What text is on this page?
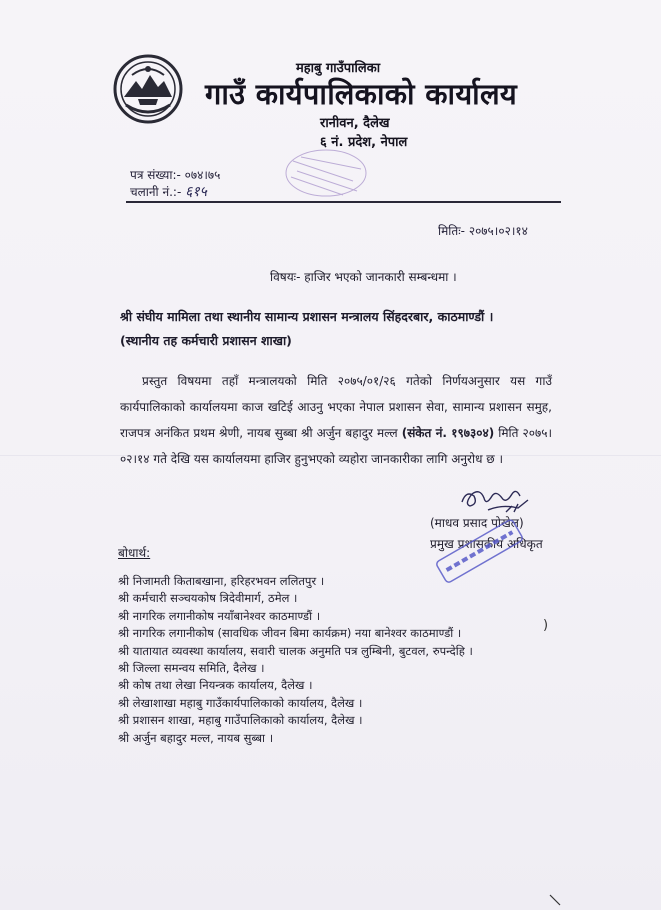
महाबु गाउँपालिका
गाउँ कार्यपालिकाको कार्यालय
रानीवन, दैलेख
६ नं. प्रदेश, नेपाल
पत्र संख्या:- ०७४।७५
चलानी नं.:- ६१५
मितिः- २०७५।०२।१४
विषयः- हाजिर भएको जानकारी सम्बन्धमा ।
श्री संघीय मामिला तथा स्थानीय सामान्य प्रशासन मन्त्रालय सिंहदरबार, काठमाण्डौं ।
(स्थानीय तह कर्मचारी प्रशासन शाखा)
प्रस्तुत विषयमा तहाँ मन्त्रालयको मिति २०७५/०१/२६ गतेको निर्णयअनुसार यस गाउँ कार्यपालिकाको कार्यालयमा काज खटिई आउनु भएका नेपाल प्रशासन सेवा, सामान्य प्रशासन समुह, राजपत्र अनंकित प्रथम श्रेणी, नायब सुब्बा श्री अर्जुन बहादुर मल्ल (संकेत नं. १९७३०४) मिति २०७५।०२।१४ गते देखि यस कार्यालयमा हाजिर हुनुभएको व्यहोरा जानकारीका लागि अनुरोध छ ।
(माधव प्रसाद पोखेल)
प्रमुख प्रशासकीय अधिकृत
बोधार्थ:
श्री निजामती किताबखाना, हरिहरभवन ललितपुर ।
श्री कर्मचारी सञ्चयकोष त्रिदेवीमार्ग, ठमेल ।
श्री नागरिक लगानीकोष नयाँबानेश्वर काठमाण्डौं ।
श्री नागरिक लगानीकोष (सावधिक जीवन बिमा कार्यक्रम) नया बानेश्वर काठमाण्डौं ।
श्री यातायात व्यवस्था कार्यालय, सवारी चालक अनुमति पत्र लुम्बिनी, बुटवल, रुपन्देहि ।
श्री जिल्ला समन्वय समिति, दैलेख ।
श्री कोष तथा लेखा नियन्त्रक कार्यालय, दैलेख ।
श्री लेखाशाखा महाबु गाउँकार्यपालिकाको कार्यालय, दैलेख ।
श्री प्रशासन शाखा, महाबु गाउँपालिकाको कार्यालय, दैलेख ।
श्री अर्जुन बहादुर मल्ल, नायब सुब्बा ।
)
